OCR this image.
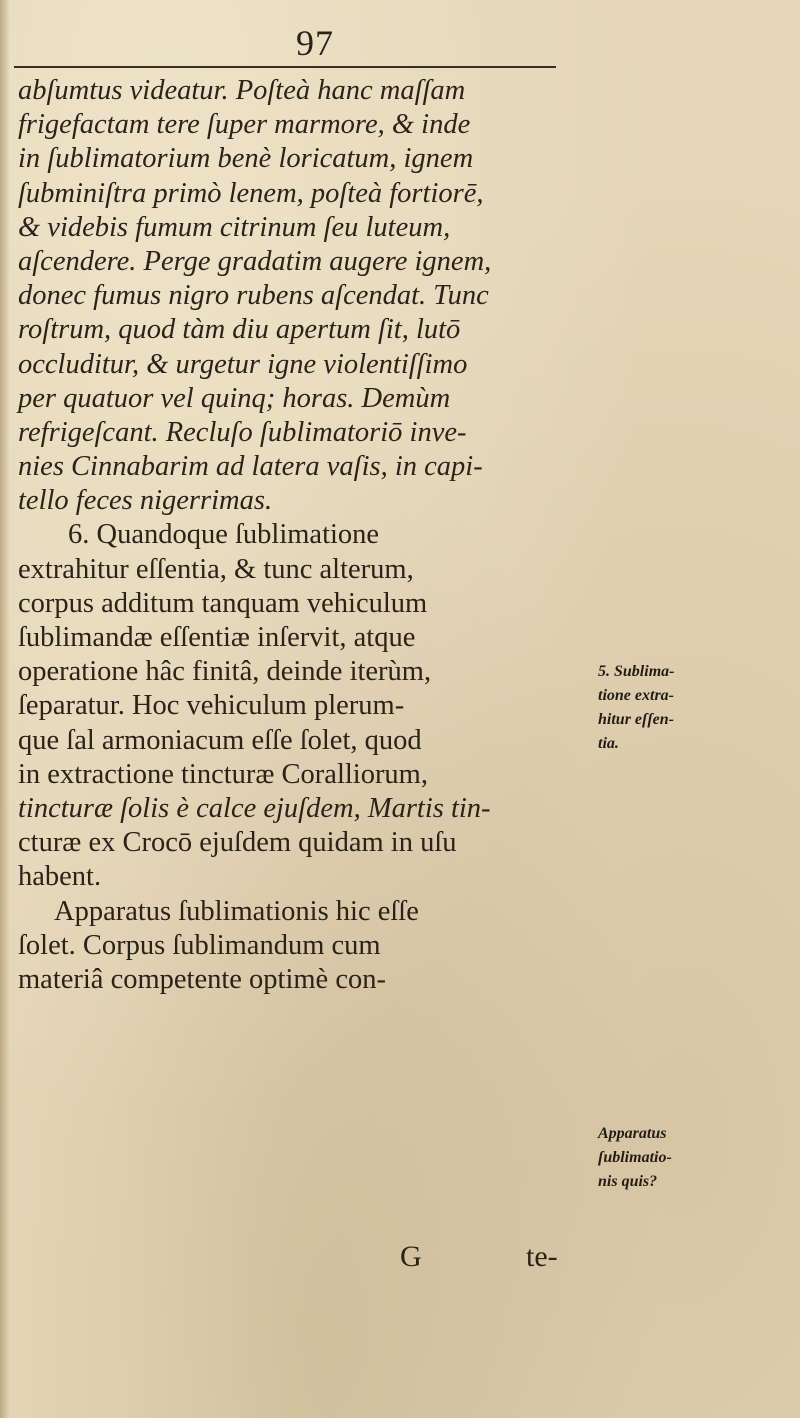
97
abſumtus videatur. Poſteà hanc maſſam
frigefactam tere ſuper marmore, & inde
in ſublimatorium benè loricatum, ignem
ſubminiſtra primò lenem, poſteà fortiorē,
& videbis fumum citrinum ſeu luteum,
aſcendere. Perge gradatim augere ignem,
donec fumus nigro rubens aſcendat. Tunc
roſtrum, quod tàm diu apertum ſit, lutō
occluditur, & urgetur igne violentiſſimo
per quatuor vel quinq; horas. Demùm
refrigeſcant. Recluſo ſublimatoriō inve-
nies Cinnabarim ad latera vaſis, in capi-
tello feces nigerrimas.
6. Quandoque ſublimatione
extrahitur eſſentia, & tunc alterum,
corpus additum tanquam vehiculum
ſublimandæ eſſentiæ inſervit, atque
operatione hâc finitâ, deinde iterùm,
ſeparatur. Hoc vehiculum plerum-
que ſal armoniacum eſſe ſolet, quod
in extractione tincturæ Coralliorum,
tincturæ ſolis è calce ejuſdem, Martis tin-
cturæ ex Crocō ejuſdem quidam in uſu
habent.
Apparatus ſublimationis hic eſſe
ſolet. Corpus ſublimandum cum
materiâ competente optimè con-
5. Sublima-
tione extra-
hitur eſſen-
tia.
Apparatus
ſublimatio-
nis quis?
G	te-
